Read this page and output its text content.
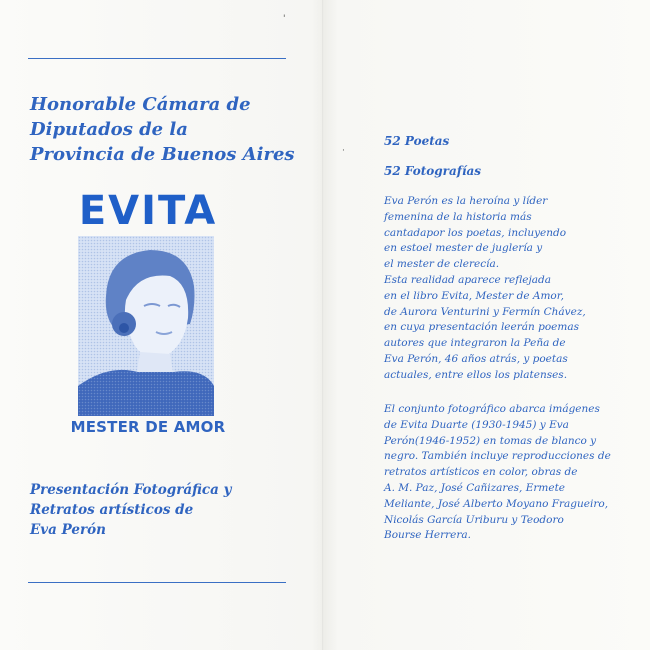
'
Honorable Cámara de
Diputados de la
Provincia de Buenos Aires
EVITA
MESTER DE AMOR
Presentación Fotográfica y
Retratos artísticos de
Eva Perón
52 Poetas
52 Fotografías
·
Eva Perón es la heroína y líder
femenina de la historia más
cantadapor los poetas, incluyendo
en estoel mester de juglería y
el mester de clerecía.
Esta realidad aparece reflejada
en el libro Evita, Mester de Amor,
de Aurora Venturini y Fermín Chávez,
en cuya presentación leerán poemas
autores que integraron la Peña de
Eva Perón, 46 años atrás, y poetas
actuales, entre ellos los platenses.
El conjunto fotográfico abarca imágenes
de Evita Duarte (1930-1945) y Eva
Perón(1946-1952) en tomas de blanco y
negro. También incluye reproducciones de
retratos artísticos en color, obras de
A. M. Paz, José Cañizares, Ermete
Meliante, José Alberto Moyano Fragueiro,
Nicolás García Uriburu y Teodoro
Bourse Herrera.
